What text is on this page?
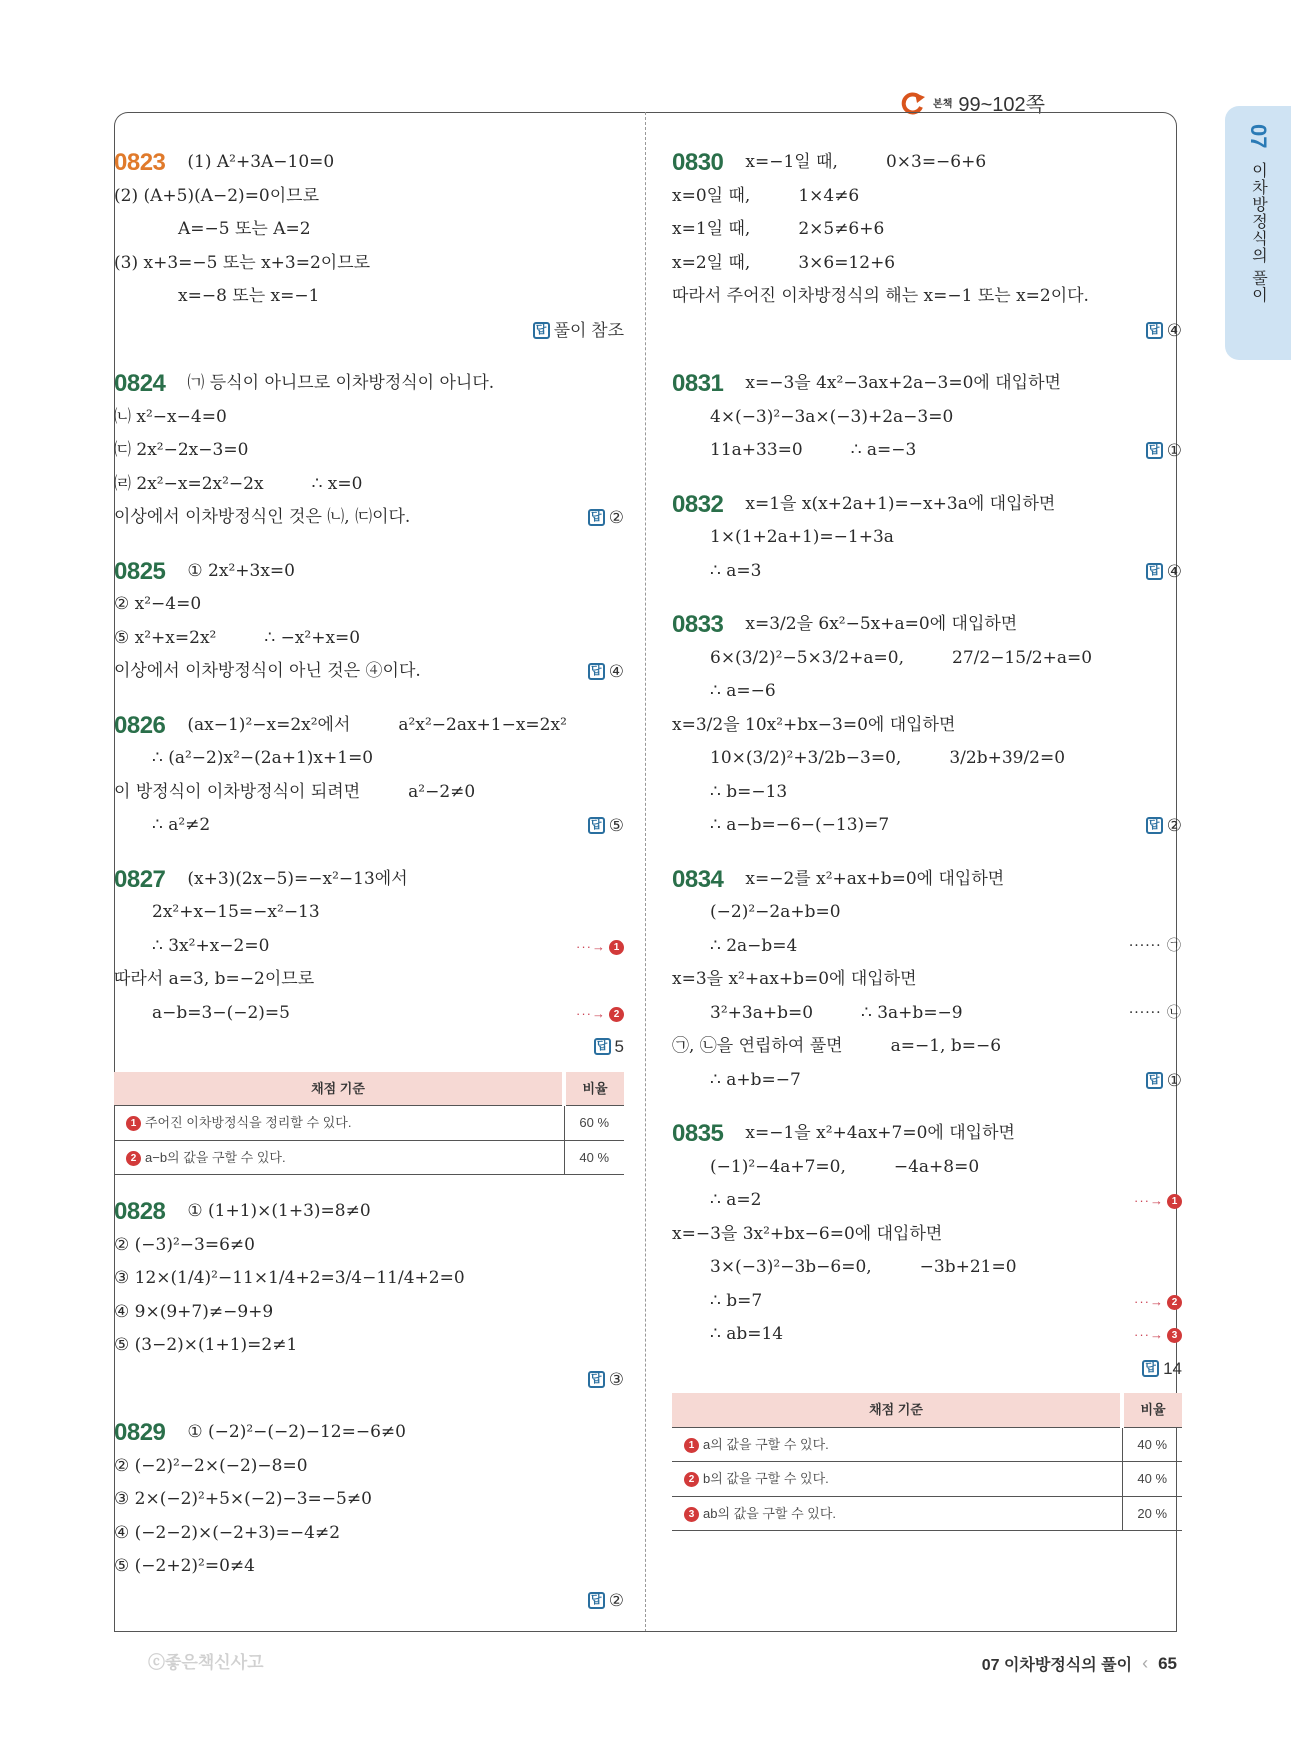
본책 99~102쪽
07
이차방정식의 풀이
0823 (1) A²+3A−10=0
(2) (A+5)(A−2)=0이므로
A=−5 또는 A=2
(3) x+3=−5 또는 x+3=2이므로
x=−8 또는 x=−1
답 풀이 참조
0824 ㈀ 등식이 아니므로 이차방정식이 아니다.
㈁ x²−x−4=0
㈂ 2x²−2x−3=0
㈃ 2x²−x=2x²−2x	∴ x=0
이상에서 이차방정식인 것은 ㈁, ㈂이다.	답 ②
0825 ① 2x²+3x=0
② x²−4=0
⑤ x²+x=2x²	∴ −x²+x=0
이상에서 이차방정식이 아닌 것은 ④이다.	답 ④
0826 (ax−1)²−x=2x²에서	a²x²−2ax+1−x=2x²
∴ (a²−2)x²−(2a+1)x+1=0
이 방정식이 이차방정식이 되려면	a²−2≠0
∴ a²≠2	답 ⑤
0827 (x+3)(2x−5)=−x²−13에서
2x²+x−15=−x²−13
∴ 3x²+x−2=0	···→ 1
따라서 a=3, b=−2이므로
a−b=3−(−2)=5	···→ 2
답 5
채점 기준	비율
1 주어진 이차방정식을 정리할 수 있다.	60 %
2 a−b의 값을 구할 수 있다.	40 %
0828 ① (1+1)×(1+3)=8≠0
② (−3)²−3=6≠0
③ 12×(1/4)²−11×1/4+2=3/4−11/4+2=0
④ 9×(9+7)≠−9+9
⑤ (3−2)×(1+1)=2≠1
답 ③
0829 ① (−2)²−(−2)−12=−6≠0
② (−2)²−2×(−2)−8=0
③ 2×(−2)²+5×(−2)−3=−5≠0
④ (−2−2)×(−2+3)=−4≠2
⑤ (−2+2)²=0≠4
답 ②
0830 x=−1일 때,	0×3=−6+6
x=0일 때,	1×4≠6
x=1일 때,	2×5≠6+6
x=2일 때,	3×6=12+6
따라서 주어진 이차방정식의 해는 x=−1 또는 x=2이다.
답 ④
0831 x=−3을 4x²−3ax+2a−3=0에 대입하면
4×(−3)²−3a×(−3)+2a−3=0
11a+33=0	∴ a=−3	답 ①
0832 x=1을 x(x+2a+1)=−x+3a에 대입하면
1×(1+2a+1)=−1+3a
∴ a=3	답 ④
0833 x=3/2을 6x²−5x+a=0에 대입하면
6×(3/2)²−5×3/2+a=0,	27/2−15/2+a=0
∴ a=−6
x=3/2을 10x²+bx−3=0에 대입하면
10×(3/2)²+3/2b−3=0,	3/2b+39/2=0
∴ b=−13
∴ a−b=−6−(−13)=7	답 ②
0834 x=−2를 x²+ax+b=0에 대입하면
(−2)²−2a+b=0
∴ 2a−b=4	······ ㉠
x=3을 x²+ax+b=0에 대입하면
3²+3a+b=0	∴ 3a+b=−9	······ ㉡
㉠, ㉡을 연립하여 풀면	a=−1, b=−6
∴ a+b=−7	답 ①
0835 x=−1을 x²+4ax+7=0에 대입하면
(−1)²−4a+7=0,	−4a+8=0
∴ a=2	···→ 1
x=−3을 3x²+bx−6=0에 대입하면
3×(−3)²−3b−6=0,	−3b+21=0
∴ b=7	···→ 2
∴ ab=14	···→ 3
답 14
채점 기준	비율
1 a의 값을 구할 수 있다.	40 %
2 b의 값을 구할 수 있다.	40 %
3 ab의 값을 구할 수 있다.	20 %
ⓒ좋은책신사고	07 이차방정식의 풀이 ‹ 65
